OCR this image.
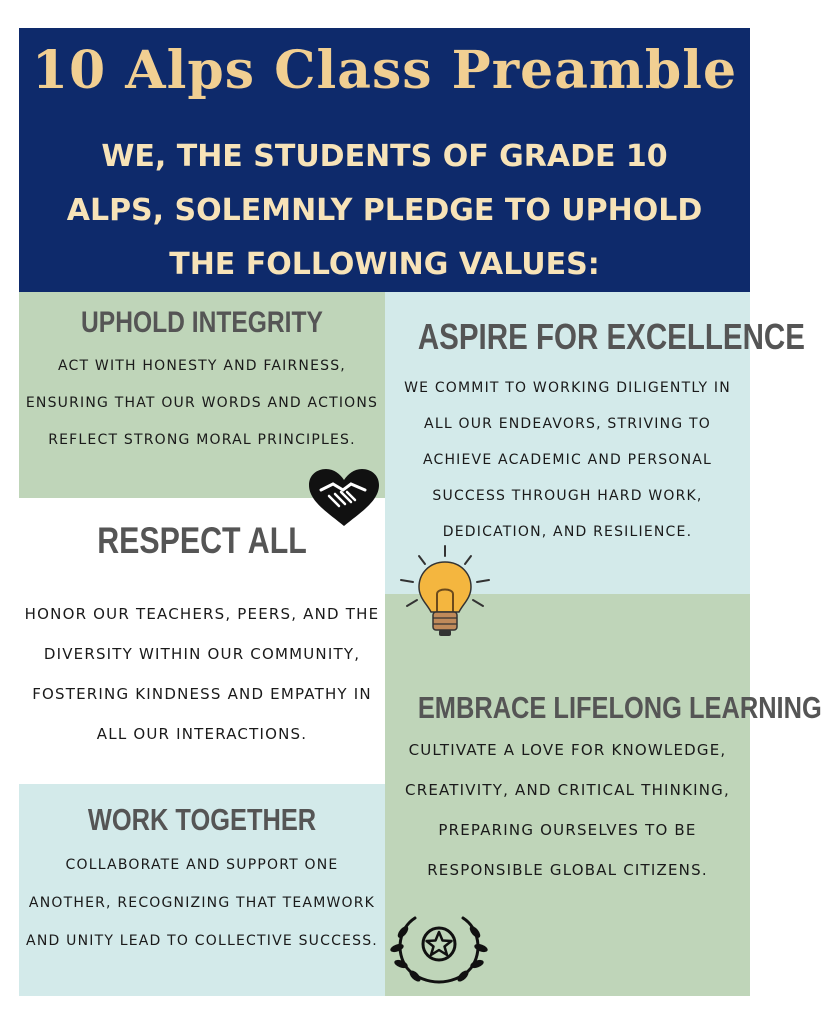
10 Alps Class Preamble
WE, THE STUDENTS OF GRADE 10 ALPS, SOLEMNLY PLEDGE TO UPHOLD THE FOLLOWING VALUES:
UPHOLD INTEGRITY
ACT WITH HONESTY AND FAIRNESS, ENSURING THAT OUR WORDS AND ACTIONS REFLECT STRONG MORAL PRINCIPLES.
RESPECT ALL
HONOR OUR TEACHERS, PEERS, AND THE DIVERSITY WITHIN OUR COMMUNITY, FOSTERING KINDNESS AND EMPATHY IN ALL OUR INTERACTIONS.
WORK TOGETHER
COLLABORATE AND SUPPORT ONE ANOTHER, RECOGNIZING THAT TEAMWORK AND UNITY LEAD TO COLLECTIVE SUCCESS.
ASPIRE FOR EXCELLENCE
WE COMMIT TO WORKING DILIGENTLY IN ALL OUR ENDEAVORS, STRIVING TO ACHIEVE ACADEMIC AND PERSONAL SUCCESS THROUGH HARD WORK, DEDICATION, AND RESILIENCE.
EMBRACE LIFELONG LEARNING
CULTIVATE A LOVE FOR KNOWLEDGE, CREATIVITY, AND CRITICAL THINKING, PREPARING OURSELVES TO BE RESPONSIBLE GLOBAL CITIZENS.
